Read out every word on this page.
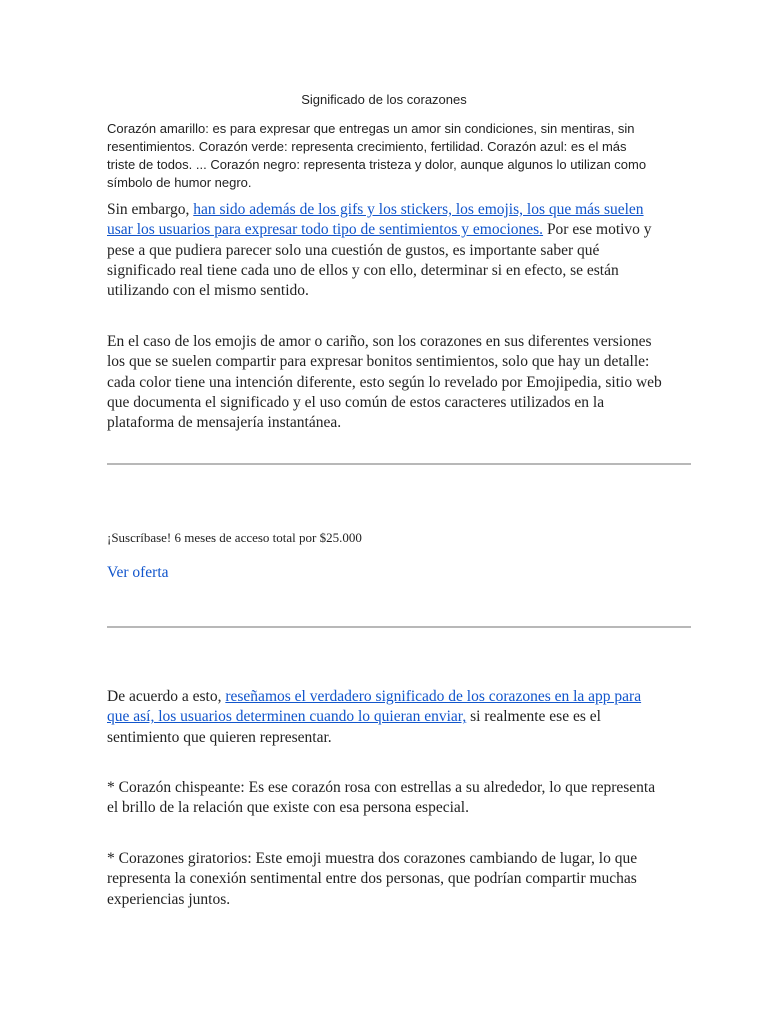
Significado de los corazones

Corazón amarillo: es para expresar que entregas un amor sin condiciones, sin mentiras, sin resentimientos. Corazón verde: representa crecimiento, fertilidad. Corazón azul: es el más triste de todos. ... Corazón negro: representa tristeza y dolor, aunque algunos lo utilizan como símbolo de humor negro.

Sin embargo, han sido además de los gifs y los stickers, los emojis, los que más suelen usar los usuarios para expresar todo tipo de sentimientos y emociones. Por ese motivo y pese a que pudiera parecer solo una cuestión de gustos, es importante saber qué significado real tiene cada uno de ellos y con ello, determinar si en efecto, se están utilizando con el mismo sentido.

En el caso de los emojis de amor o cariño, son los corazones en sus diferentes versiones los que se suelen compartir para expresar bonitos sentimientos, solo que hay un detalle: cada color tiene una intención diferente, esto según lo revelado por Emojipedia, sitio web que documenta el significado y el uso común de estos caracteres utilizados en la plataforma de mensajería instantánea.

¡Suscríbase! 6 meses de acceso total por $25.000

Ver oferta

De acuerdo a esto, reseñamos el verdadero significado de los corazones en la app para que así, los usuarios determinen cuando lo quieran enviar, si realmente ese es el sentimiento que quieren representar.

* Corazón chispeante: Es ese corazón rosa con estrellas a su alrededor, lo que representa el brillo de la relación que existe con esa persona especial.

* Corazones giratorios: Este emoji muestra dos corazones cambiando de lugar, lo que representa la conexión sentimental entre dos personas, que podrían compartir muchas experiencias juntos.
